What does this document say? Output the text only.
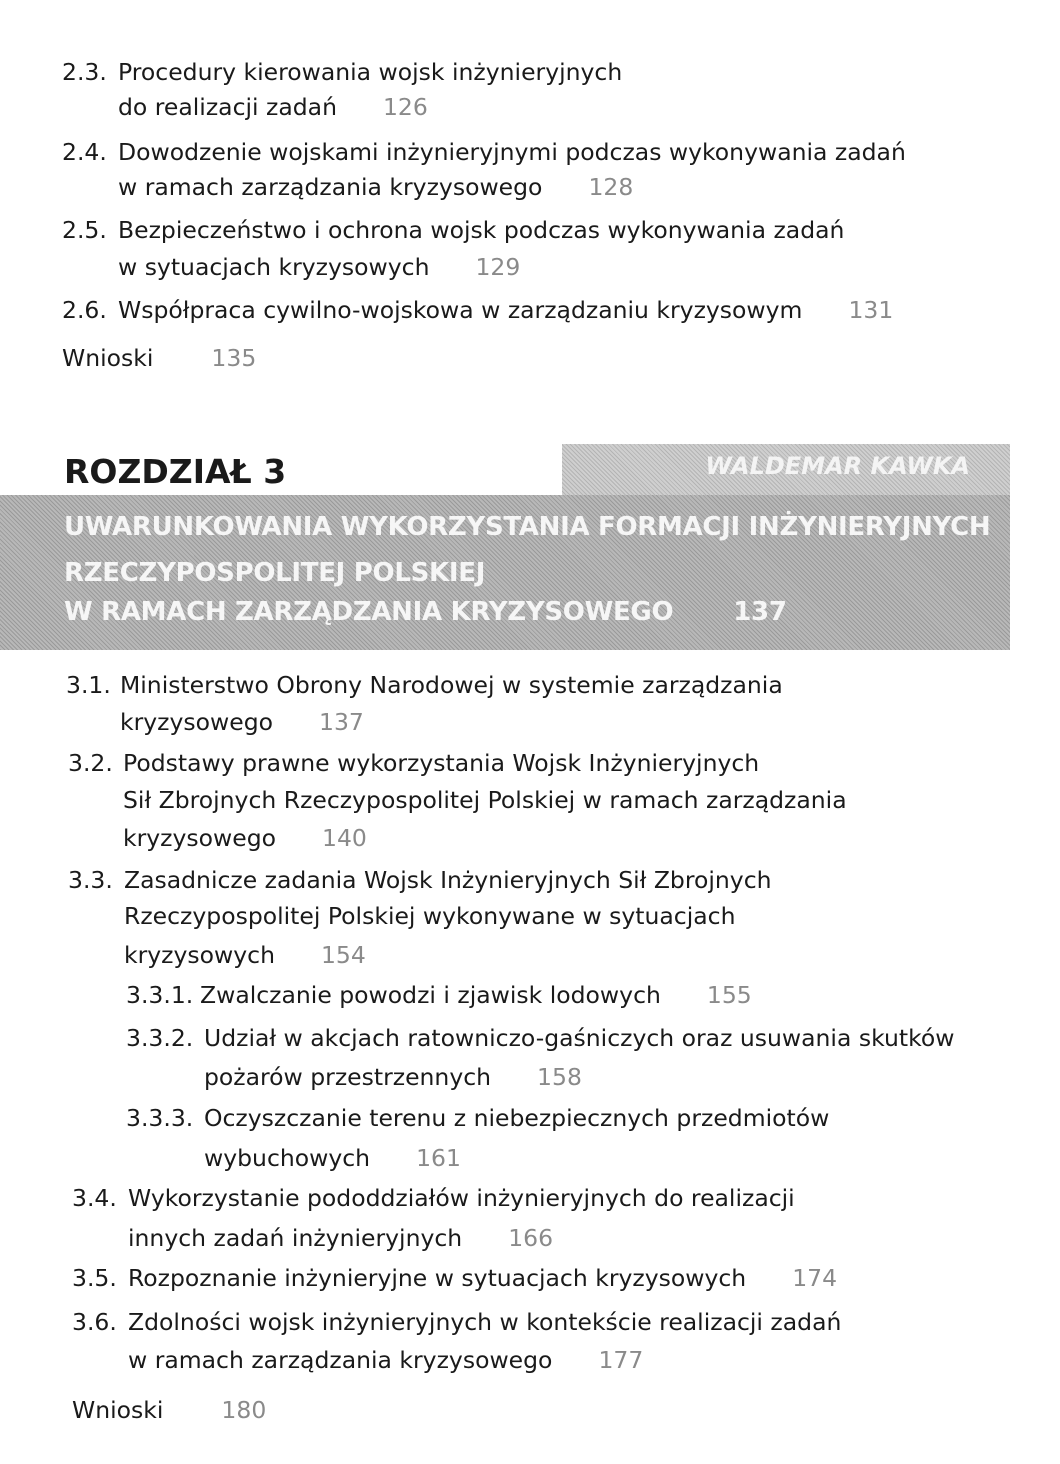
2.3. Procedury kierowania wojsk inżynieryjnych
do realizacji zadań 126
2.4. Dowodzenie wojskami inżynieryjnymi podczas wykonywania zadań
w ramach zarządzania kryzysowego 128
2.5. Bezpieczeństwo i ochrona wojsk podczas wykonywania zadań
w sytuacjach kryzysowych 129
2.6. Współpraca cywilno-wojskowa w zarządzaniu kryzysowym 131
Wnioski 135
3.1. Ministerstwo Obrony Narodowej w systemie zarządzania
kryzysowego 137
3.2. Podstawy prawne wykorzystania Wojsk Inżynieryjnych
Sił Zbrojnych Rzeczypospolitej Polskiej w ramach zarządzania
kryzysowego 140
3.3. Zasadnicze zadania Wojsk Inżynieryjnych Sił Zbrojnych
Rzeczypospolitej Polskiej wykonywane w sytuacjach
kryzysowych 154
3.3.1. Zwalczanie powodzi i zjawisk lodowych 155
3.3.2. Udział w akcjach ratowniczo-gaśniczych oraz usuwania skutków
pożarów przestrzennych 158
3.3.3. Oczyszczanie terenu z niebezpiecznych przedmiotów
wybuchowych 161
3.4. Wykorzystanie pododdziałów inżynieryjnych do realizacji
innych zadań inżynieryjnych 166
3.5. Rozpoznanie inżynieryjne w sytuacjach kryzysowych 174
3.6. Zdolności wojsk inżynieryjnych w kontekście realizacji zadań
w ramach zarządzania kryzysowego 177
Wnioski 180
ROZDZIAŁ 3	WALDEMAR KAWKA
UWARUNKOWANIA WYKORZYSTANIA FORMACJI INŻYNIERYJNYCH
RZECZYPOSPOLITEJ POLSKIEJ
W RAMACH ZARZĄDZANIA KRYZYSOWEGO 137
